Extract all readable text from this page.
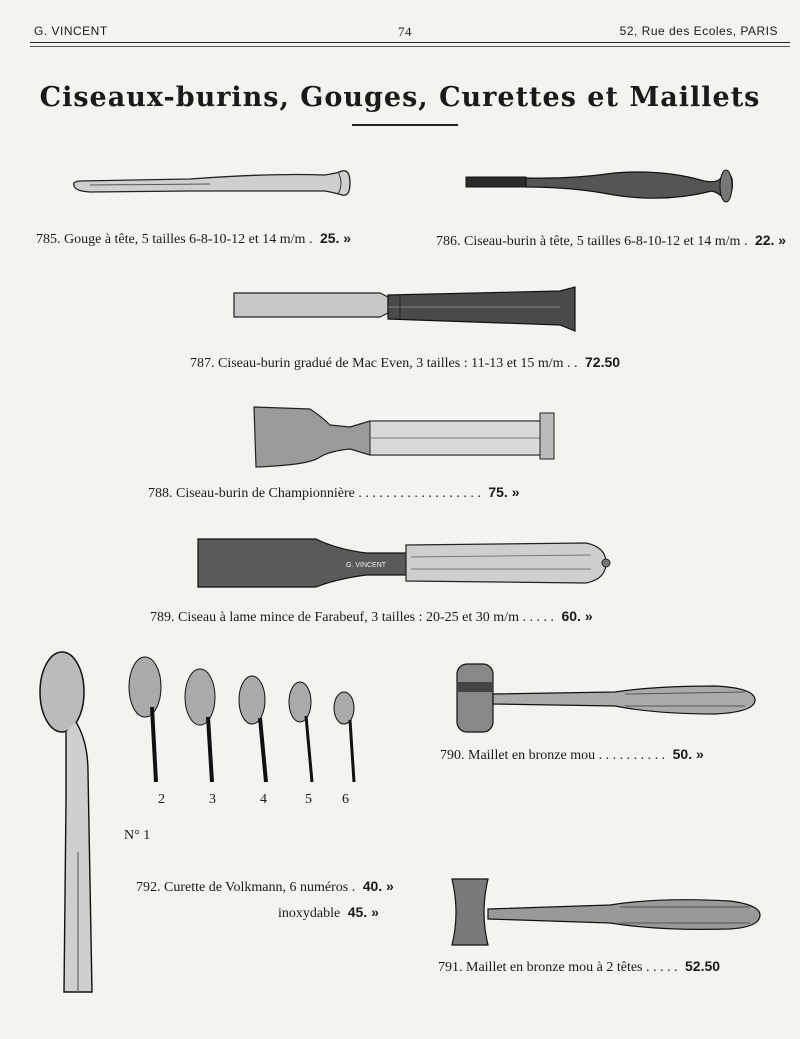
G. VINCENT	74	52, Rue des Ecoles, PARIS
Ciseaux-burins, Gouges, Curettes et Maillets
G. VINCENT
2	3	4	5 6
N° 1
785. Gouge à tête, 5 tailles 6-8-10-12 et 14 m/m . 25. »	786. Ciseau-burin à tête, 5 tailles 6-8-10-12 et 14 m/m . 22. »
787. Ciseau-burin gradué de Mac Even, 3 tailles : 11-13 et 15 m/m . . 72.50
788. Ciseau-burin de Championnière . . . . . . . . . . . . . . . . . . 75. »
789. Ciseau à lame mince de Farabeuf, 3 tailles : 20-25 et 30 m/m . . . . . 60. »
790. Maillet en bronze mou . . . . . . . . . . 50. »
791. Maillet en bronze mou à 2 têtes . . . . . 52.50
792. Curette de Volkmann, 6 numéros . 40. »
inoxydable 45. »
